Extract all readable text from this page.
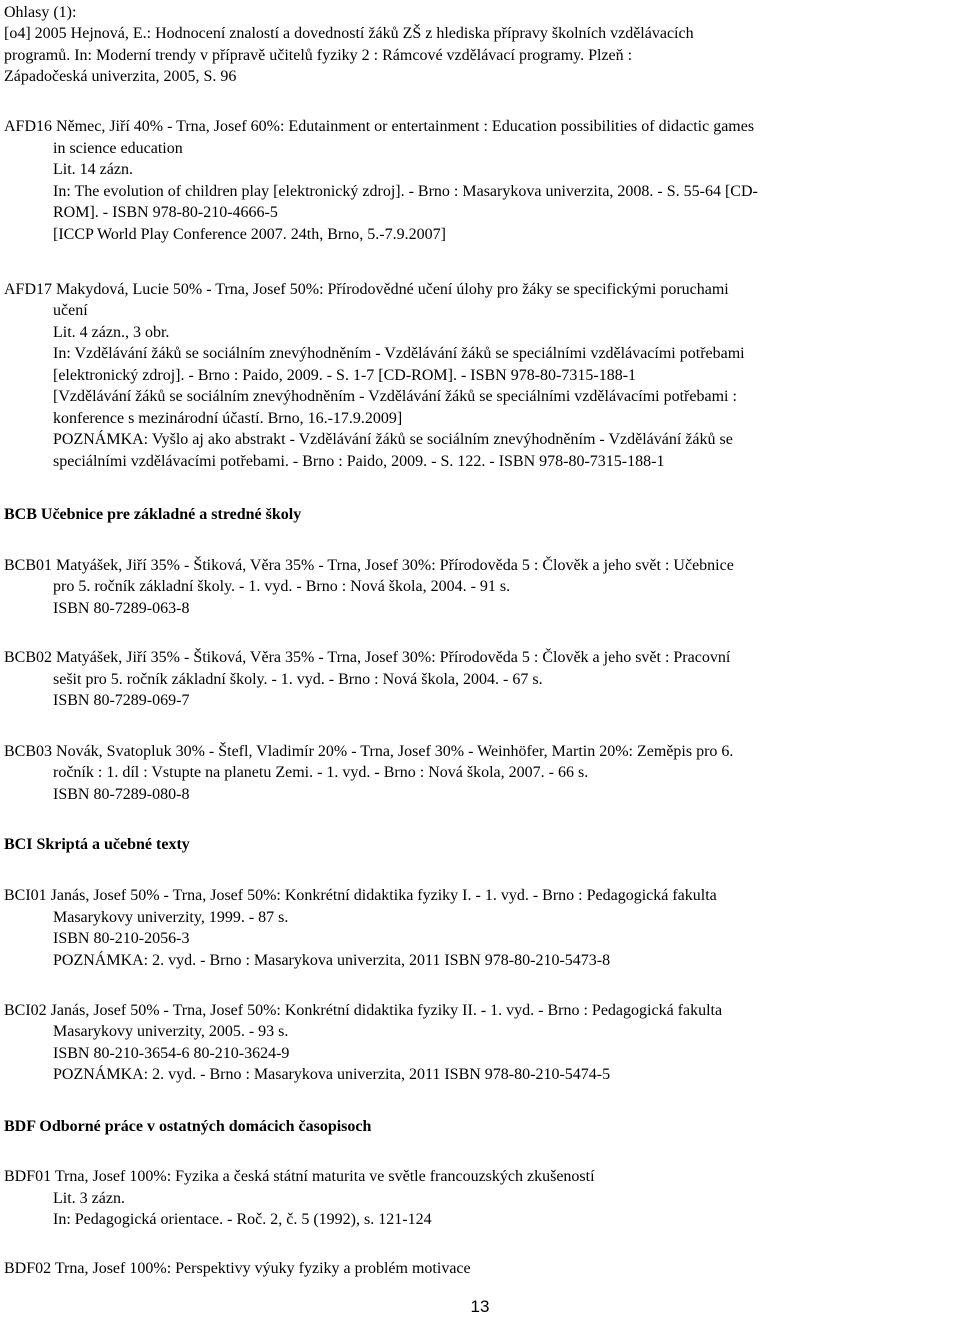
Ohlasy (1):
[o4] 2005 Hejnová, E.: Hodnocení znalostí a dovedností žáků ZŠ z hlediska přípravy školních vzdělávacích
programů. In: Moderní trendy v přípravě učitelů fyziky 2 : Rámcové vzdělávací programy. Plzeň :
Západočeská univerzita, 2005, S. 96
AFD16 Němec, Jiří 40% - Trna, Josef 60%: Edutainment or entertainment : Education possibilities of didactic games
in science education
Lit. 14 zázn.
In: The evolution of children play [elektronický zdroj]. - Brno : Masarykova univerzita, 2008. - S. 55-64 [CD-
ROM]. - ISBN 978-80-210-4666-5
[ICCP World Play Conference 2007. 24th, Brno, 5.-7.9.2007]
AFD17 Makydová, Lucie 50% - Trna, Josef 50%: Přírodovědné učení úlohy pro žáky se specifickými poruchami
učení
Lit. 4 zázn., 3 obr.
In: Vzdělávání žáků se sociálním znevýhodněním - Vzdělávání žáků se speciálními vzdělávacími potřebami
[elektronický zdroj]. - Brno : Paido, 2009. - S. 1-7 [CD-ROM]. - ISBN 978-80-7315-188-1
[Vzdělávání žáků se sociálním znevýhodněním - Vzdělávání žáků se speciálními vzdělávacími potřebami :
konference s mezinárodní účastí. Brno, 16.-17.9.2009]
POZNÁMKA: Vyšlo aj ako abstrakt - Vzdělávání žáků se sociálním znevýhodněním - Vzdělávání žáků se
speciálními vzdělávacími potřebami. - Brno : Paido, 2009. - S. 122. - ISBN 978-80-7315-188-1
BCB Učebnice pre základné a stredné školy
BCB01 Matyášek, Jiří 35% - Štiková, Věra 35% - Trna, Josef 30%: Přírodověda 5 : Člověk a jeho svět : Učebnice
pro 5. ročník základní školy. - 1. vyd. - Brno : Nová škola, 2004. - 91 s.
ISBN 80-7289-063-8
BCB02 Matyášek, Jiří 35% - Štiková, Věra 35% - Trna, Josef 30%: Přírodověda 5 : Člověk a jeho svět : Pracovní
sešit pro 5. ročník základní školy. - 1. vyd. - Brno : Nová škola, 2004. - 67 s.
ISBN 80-7289-069-7
BCB03 Novák, Svatopluk 30% - Štefl, Vladimír 20% - Trna, Josef 30% - Weinhöfer, Martin 20%: Zeměpis pro 6.
ročník : 1. díl : Vstupte na planetu Zemi. - 1. vyd. - Brno : Nová škola, 2007. - 66 s.
ISBN 80-7289-080-8
BCI Skriptá a učebné texty
BCI01 Janás, Josef 50% - Trna, Josef 50%: Konkrétní didaktika fyziky I. - 1. vyd. - Brno : Pedagogická fakulta
Masarykovy univerzity, 1999. - 87 s.
ISBN 80-210-2056-3
POZNÁMKA: 2. vyd. - Brno : Masarykova univerzita, 2011 ISBN 978-80-210-5473-8
BCI02 Janás, Josef 50% - Trna, Josef 50%: Konkrétní didaktika fyziky II. - 1. vyd. - Brno : Pedagogická fakulta
Masarykovy univerzity, 2005. - 93 s.
ISBN 80-210-3654-6 80-210-3624-9
POZNÁMKA: 2. vyd. - Brno : Masarykova univerzita, 2011 ISBN 978-80-210-5474-5
BDF Odborné práce v ostatných domácich časopisoch
BDF01 Trna, Josef 100%: Fyzika a česká státní maturita ve světle francouzských zkušeností
Lit. 3 zázn.
In: Pedagogická orientace. - Roč. 2, č. 5 (1992), s. 121-124
BDF02 Trna, Josef 100%: Perspektivy výuky fyziky a problém motivace
13
